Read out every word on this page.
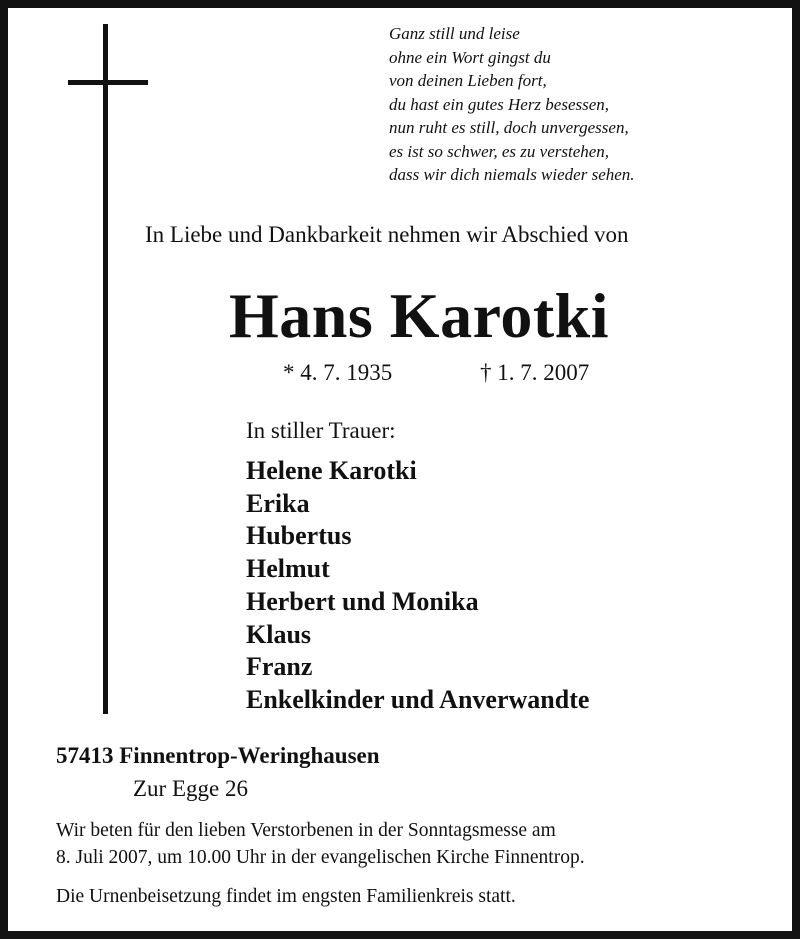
Ganz still und leise
ohne ein Wort gingst du
von deinen Lieben fort,
du hast ein gutes Herz besessen,
nun ruht es still, doch unvergessen,
es ist so schwer, es zu verstehen,
dass wir dich niemals wieder sehen.
In Liebe und Dankbarkeit nehmen wir Abschied von
Hans Karotki
* 4. 7. 1935	† 1. 7. 2007
In stiller Trauer:
Helene Karotki
Erika
Hubertus
Helmut
Herbert und Monika
Klaus
Franz
Enkelkinder und Anverwandte
57413 Finnentrop-Weringhausen
Zur Egge 26
Wir beten für den lieben Verstorbenen in der Sonntagsmesse am
8. Juli 2007, um 10.00 Uhr in der evangelischen Kirche Finnentrop.
Die Urnenbeisetzung findet im engsten Familienkreis statt.
